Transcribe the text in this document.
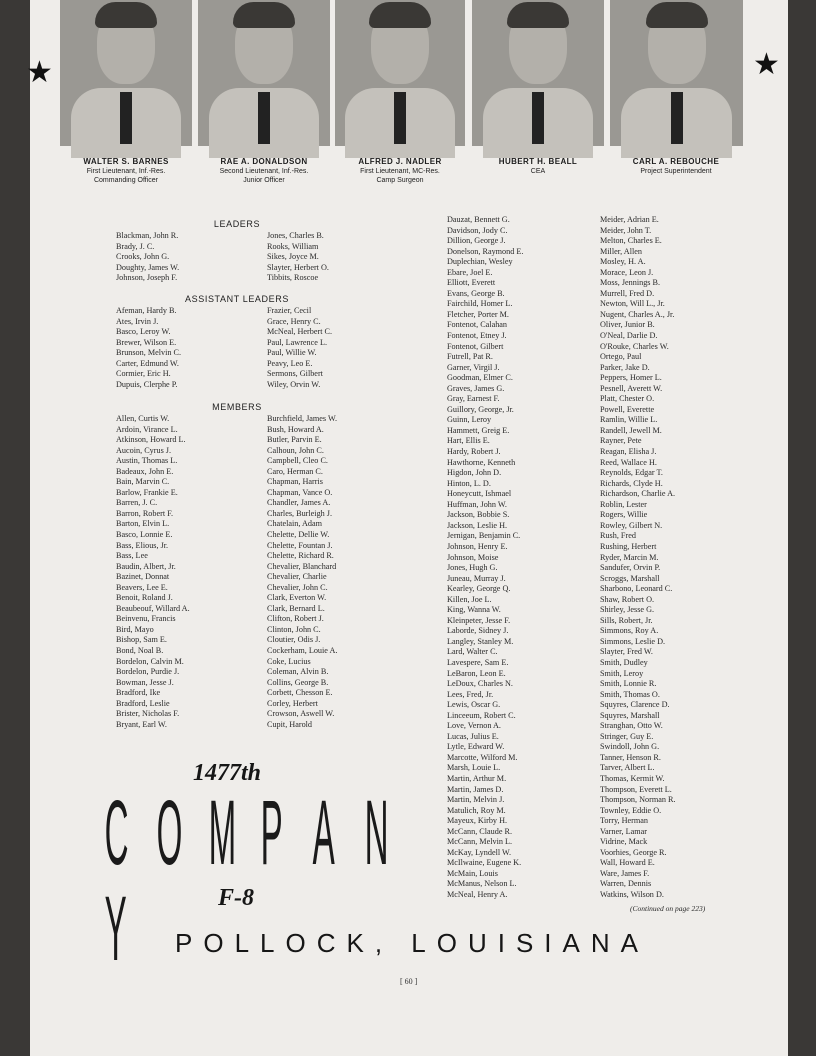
★	★
WALTER S. BARNES
First Lieutenant, Inf.-Res.
Commanding Officer
RAE A. DONALDSON
Second Lieutenant, Inf.-Res.
Junior Officer
ALFRED J. NADLER
First Lieutenant, MC-Res.
Camp Surgeon
HUBERT H. BEALL
CEA
CARL A. REBOUCHE
Project Superintendent
LEADERS
ASSISTANT LEADERS
MEMBERS
Blackman, John R.
Brady, J. C.
Crooks, John G.
Doughty, James W.
Johnson, Joseph F.
Jones, Charles B.
Rooks, William
Sikes, Joyce M.
Slayter, Herbert O.
Tibbits, Roscoe
Afeman, Hardy B.
Ates, Irvin J.
Basco, Leroy W.
Brewer, Wilson E.
Brunson, Melvin C.
Carter, Edmund W.
Cormier, Eric H.
Dupuis, Clerphe P.
Frazier, Cecil
Grace, Henry C.
McNeal, Herbert C.
Paul, Lawrence L.
Paul, Willie W.
Peavy, Leo E.
Sermons, Gilbert
Wiley, Orvin W.
Allen, Curtis W.
Ardoin, Virance L.
Atkinson, Howard L.
Aucoin, Cyrus J.
Austin, Thomas L.
Badeaux, John E.
Bain, Marvin C.
Barlow, Frankie E.
Barren, J. C.
Barron, Robert F.
Barton, Elvin L.
Basco, Lonnie E.
Bass, Elious, Jr.
Bass, Lee
Baudin, Albert, Jr.
Bazinet, Donnat
Beavers, Lee E.
Benoit, Roland J.
Beaubeouf, Willard A.
Beinvenu, Francis
Bird, Mayo
Bishop, Sam E.
Bond, Noal B.
Bordelon, Calvin M.
Bordelon, Purdie J.
Bowman, Jesse J.
Bradford, Ike
Bradford, Leslie
Brister, Nicholas F.
Bryant, Earl W.
Burchfield, James W.
Bush, Howard A.
Butler, Parvin E.
Calhoun, John C.
Campbell, Cleo C.
Caro, Herman C.
Chapman, Harris
Chapman, Vance O.
Chandler, James A.
Charles, Burleigh J.
Chatelain, Adam
Chelette, Dellie W.
Chelette, Fountan J.
Chelette, Richard R.
Chevalier, Blanchard
Chevalier, Charlie
Chevalier, John C.
Clark, Everton W.
Clark, Bernard L.
Clifton, Robert J.
Clinton, John C.
Cloutier, Odis J.
Cockerham, Louie A.
Coke, Lucius
Coleman, Alvin B.
Collins, George B.
Corbett, Chesson E.
Corley, Herbert
Crowson, Aswell W.
Cupit, Harold
Dauzat, Bennett G.
Davidson, Jody C.
Dillion, George J.
Donelson, Raymond E.
Duplechian, Wesley
Ebare, Joel E.
Elliott, Everett
Evans, George B.
Fairchild, Homer L.
Fletcher, Porter M.
Fontenot, Calahan
Fontenot, Etney J.
Fontenot, Gilbert
Futrell, Pat R.
Garner, Virgil J.
Goodman, Elmer C.
Graves, James G.
Gray, Earnest F.
Guillory, George, Jr.
Guinn, Leroy
Hammett, Greig E.
Hart, Ellis E.
Hardy, Robert J.
Hawthorne, Kenneth
Higdon, John D.
Hinton, L. D.
Honeycutt, Ishmael
Huffman, John W.
Jackson, Bobbie S.
Jackson, Leslie H.
Jernigan, Benjamin C.
Johnson, Henry E.
Johnson, Moise
Jones, Hugh G.
Juneau, Murray J.
Kearley, George Q.
Killen, Joe L.
King, Wanna W.
Kleinpeter, Jesse F.
Laborde, Sidney J.
Langley, Stanley M.
Lard, Walter C.
Lavespere, Sam E.
LeBaron, Leon E.
LeDoux, Charles N.
Lees, Fred, Jr.
Lewis, Oscar G.
Linceeum, Robert C.
Love, Vernon A.
Lucas, Julius E.
Lytle, Edward W.
Marcotte, Wilford M.
Marsh, Louie L.
Martin, Arthur M.
Martin, James D.
Martin, Melvin J.
Matulich, Roy M.
Mayeux, Kirby H.
McCann, Claude R.
McCann, Melvin L.
McKay, Lyndell W.
McIlwaine, Eugene K.
McMain, Louis
McManus, Nelson L.
McNeal, Henry A.
Meider, Adrian E.
Meider, John T.
Melton, Charles E.
Miller, Allen
Mosley, H. A.
Morace, Leon J.
Moss, Jennings B.
Murrell, Fred D.
Newton, Will L., Jr.
Nugent, Charles A., Jr.
Oliver, Junior B.
O'Neal, Darlie D.
O'Rouke, Charles W.
Ortego, Paul
Parker, Jake D.
Peppers, Homer L.
Pesnell, Averett W.
Platt, Chester O.
Powell, Everette
Ramlin, Willie L.
Randell, Jewell M.
Rayner, Pete
Reagan, Elisha J.
Reed, Wallace H.
Reynolds, Edgar T.
Richards, Clyde H.
Richardson, Charlie A.
Roblin, Lester
Rogers, Willie
Rowley, Gilbert N.
Rush, Fred
Rushing, Herbert
Ryder, Marcin M.
Sandufer, Orvin P.
Scroggs, Marshall
Sharbono, Leonard C.
Shaw, Robert O.
Shirley, Jesse G.
Sills, Robert, Jr.
Simmons, Roy A.
Simmons, Leslie D.
Slayter, Fred W.
Smith, Dudley
Smith, Leroy
Smith, Lonnie R.
Smith, Thomas O.
Squyres, Clarence D.
Squyres, Marshall
Stranghan, Otto W.
Stringer, Guy E.
Swindoll, John G.
Tanner, Henson R.
Tarver, Albert L.
Thomas, Kermit W.
Thompson, Everett L.
Thompson, Norman R.
Townley, Eddie O.
Torry, Herman
Varner, Lamar
Vidrine, Mack
Voorhies, George R.
Wall, Howard E.
Ware, James F.
Warren, Dennis
Watkins, Wilson D.
1477th
C O M P A NY	F-8	(Continued on page 223)
POLLOCK, LOUISIANA
[ 60 ]
